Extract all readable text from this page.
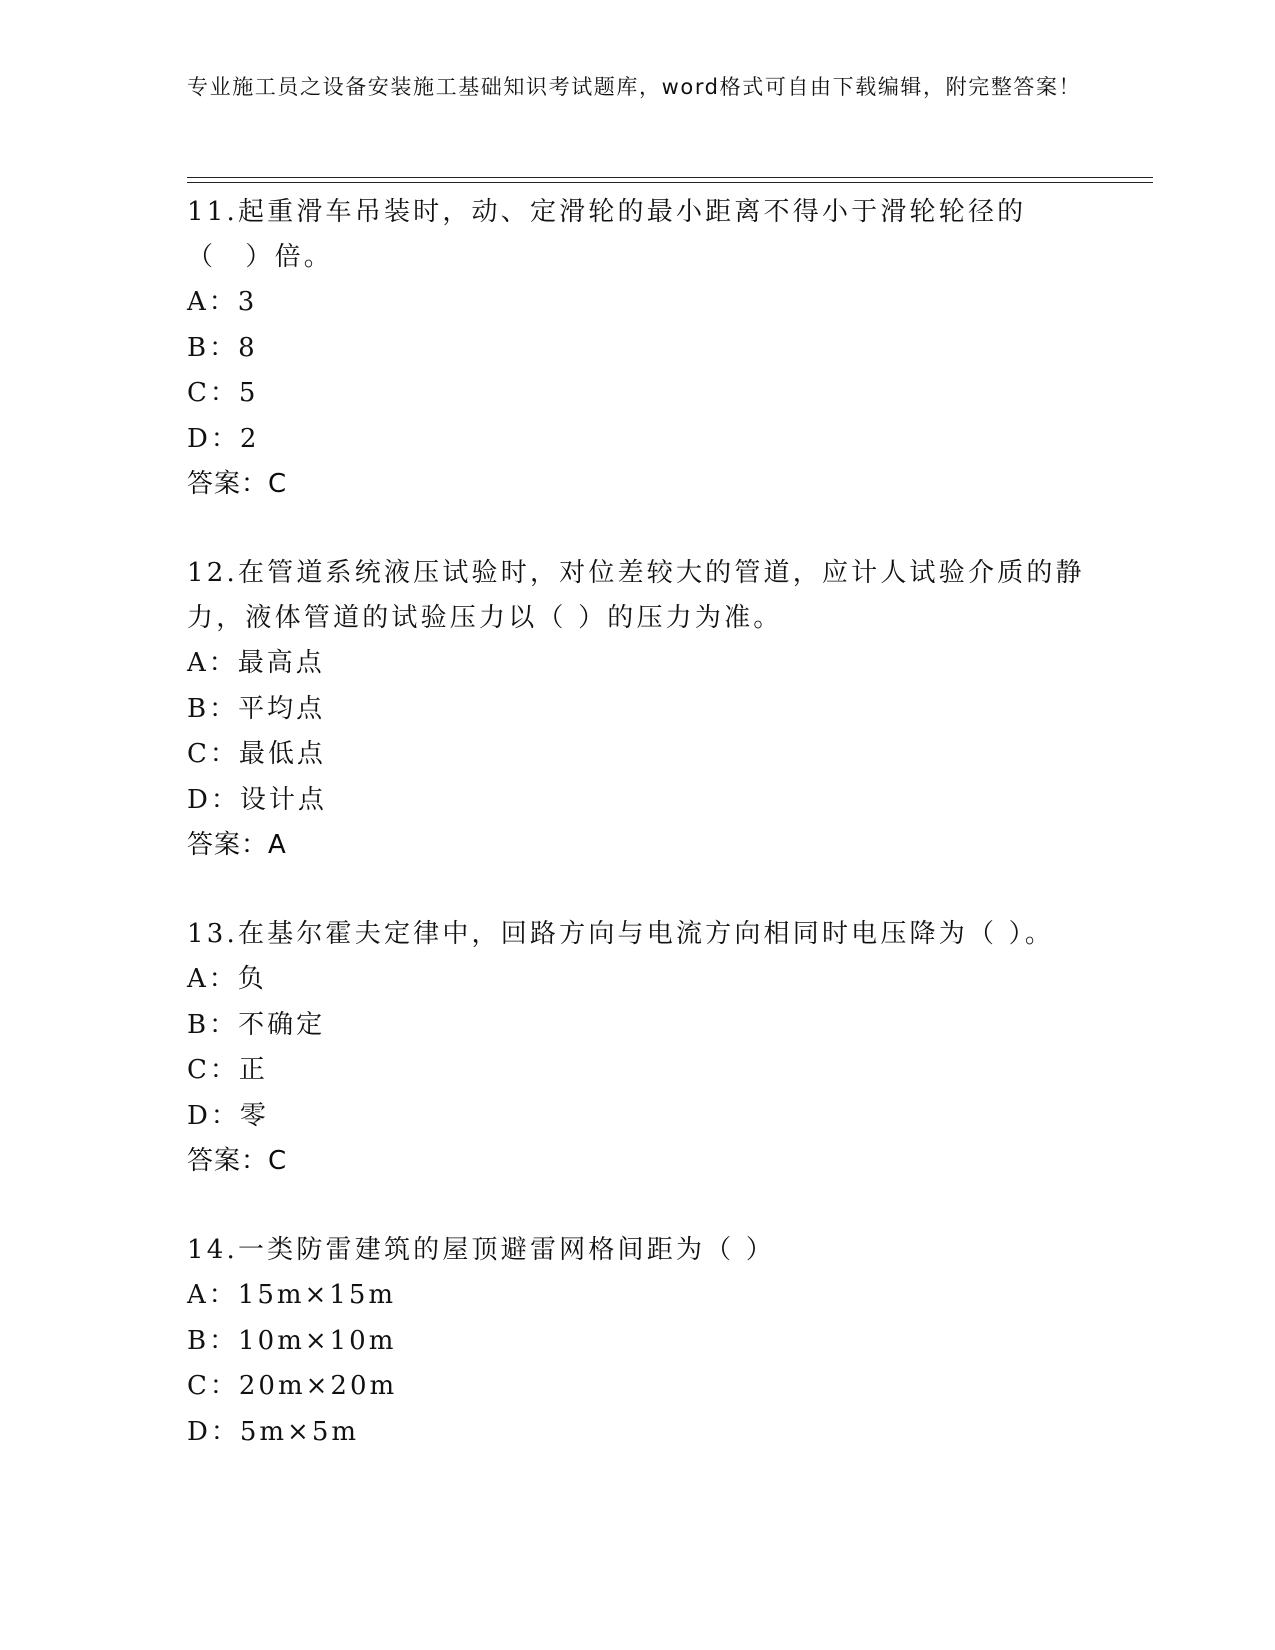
专业施工员之设备安装施工基础知识考试题库，word格式可自由下载编辑，附完整答案！

11.起重滑车吊装时，动、定滑轮的最小距离不得小于滑轮轮径的（　）倍。

A：3

B：8

C：5

D：2

答案：C

12.在管道系统液压试验时，对位差较大的管道，应计人试验介质的静力，液体管道的试验压力以（ ）的压力为准。

A：最高点

B：平均点

C：最低点

D：设计点

答案：A

13.在基尔霍夫定律中，回路方向与电流方向相同时电压降为（ ）。

A：负

B：不确定

C：正

D：零

答案：C

14.一类防雷建筑的屋顶避雷网格间距为（ ）

A：15m×15m

B：10m×10m

C：20m×20m

D：5m×5m
